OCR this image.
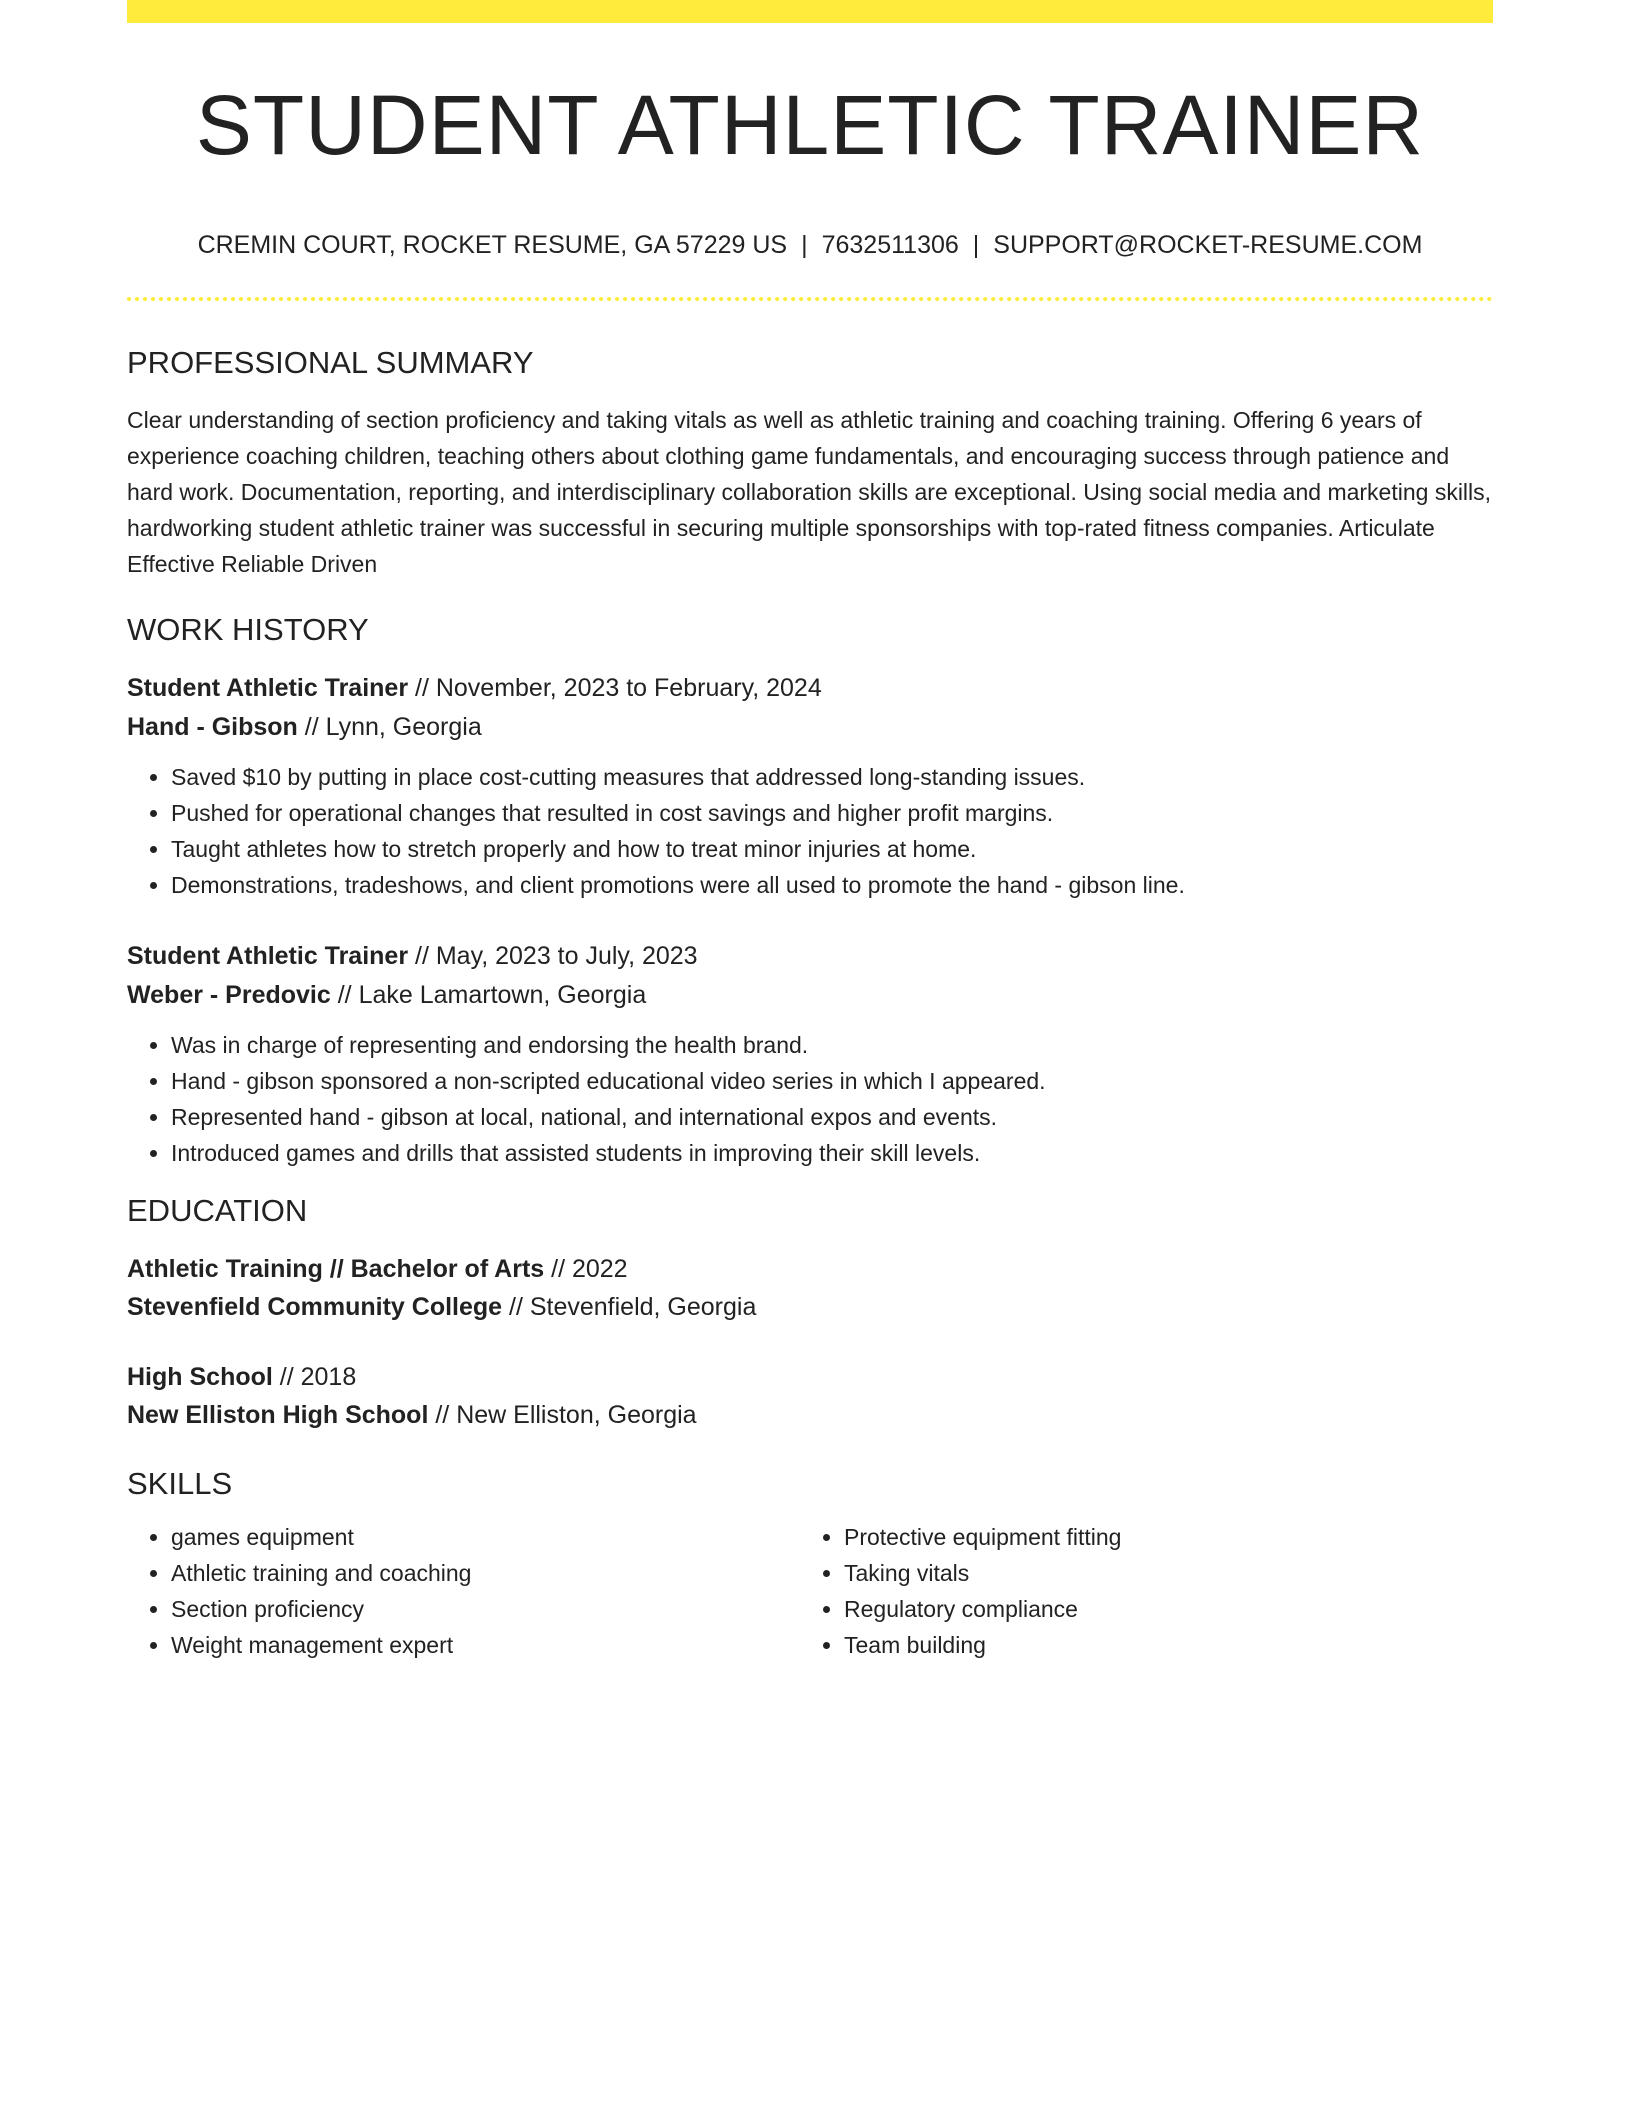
STUDENT ATHLETIC TRAINER
CREMIN COURT, ROCKET RESUME, GA 57229 US | 7632511306 | SUPPORT@ROCKET-RESUME.COM
PROFESSIONAL SUMMARY
Clear understanding of section proficiency and taking vitals as well as athletic training and coaching training. Offering 6 years of experience coaching children, teaching others about clothing game fundamentals, and encouraging success through patience and hard work. Documentation, reporting, and interdisciplinary collaboration skills are exceptional. Using social media and marketing skills, hardworking student athletic trainer was successful in securing multiple sponsorships with top-rated fitness companies. Articulate Effective Reliable Driven
WORK HISTORY
Student Athletic Trainer // November, 2023 to February, 2024
Hand - Gibson // Lynn, Georgia
• Saved $10 by putting in place cost-cutting measures that addressed long-standing issues.
• Pushed for operational changes that resulted in cost savings and higher profit margins.
• Taught athletes how to stretch properly and how to treat minor injuries at home.
• Demonstrations, tradeshows, and client promotions were all used to promote the hand - gibson line.
Student Athletic Trainer // May, 2023 to July, 2023
Weber - Predovic // Lake Lamartown, Georgia
• Was in charge of representing and endorsing the health brand.
• Hand - gibson sponsored a non-scripted educational video series in which I appeared.
• Represented hand - gibson at local, national, and international expos and events.
• Introduced games and drills that assisted students in improving their skill levels.
EDUCATION
Athletic Training // Bachelor of Arts // 2022
Stevenfield Community College // Stevenfield, Georgia
High School // 2018
New Elliston High School // New Elliston, Georgia
SKILLS
• games equipment
• Athletic training and coaching
• Section proficiency
• Weight management expert
• Protective equipment fitting
• Taking vitals
• Regulatory compliance
• Team building
